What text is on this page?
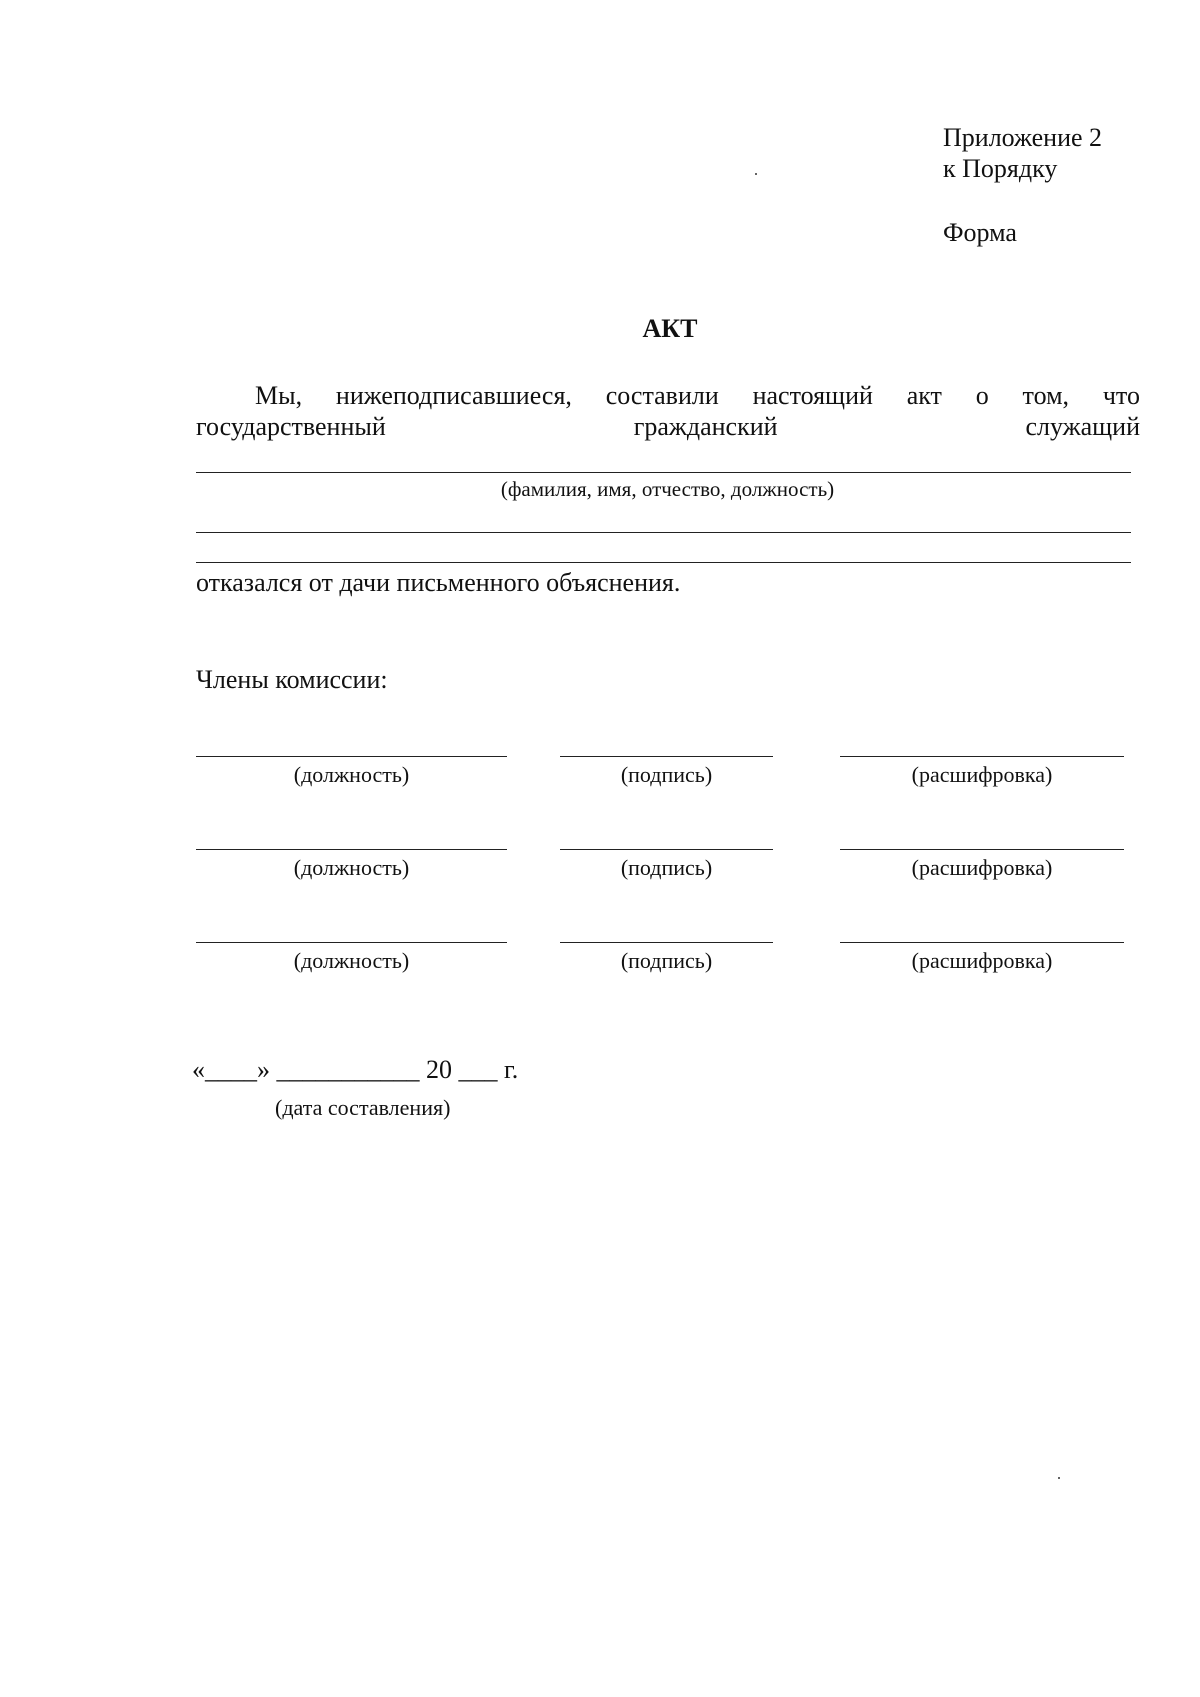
Приложение 2
к Порядку
Форма
АКТ
Мы, нижеподписавшиеся, составили настоящий акт о том, что
государственный	гражданский	служащий
(фамилия, имя, отчество, должность)
отказался от дачи письменного объяснения.
Члены комиссии:
(должность)	(подпись)	(расшифровка)
(должность)	(подпись)	(расшифровка)
(должность)	(подпись)	(расшифровка)
«____» ___________ 20 ___ г.
(дата составления)
